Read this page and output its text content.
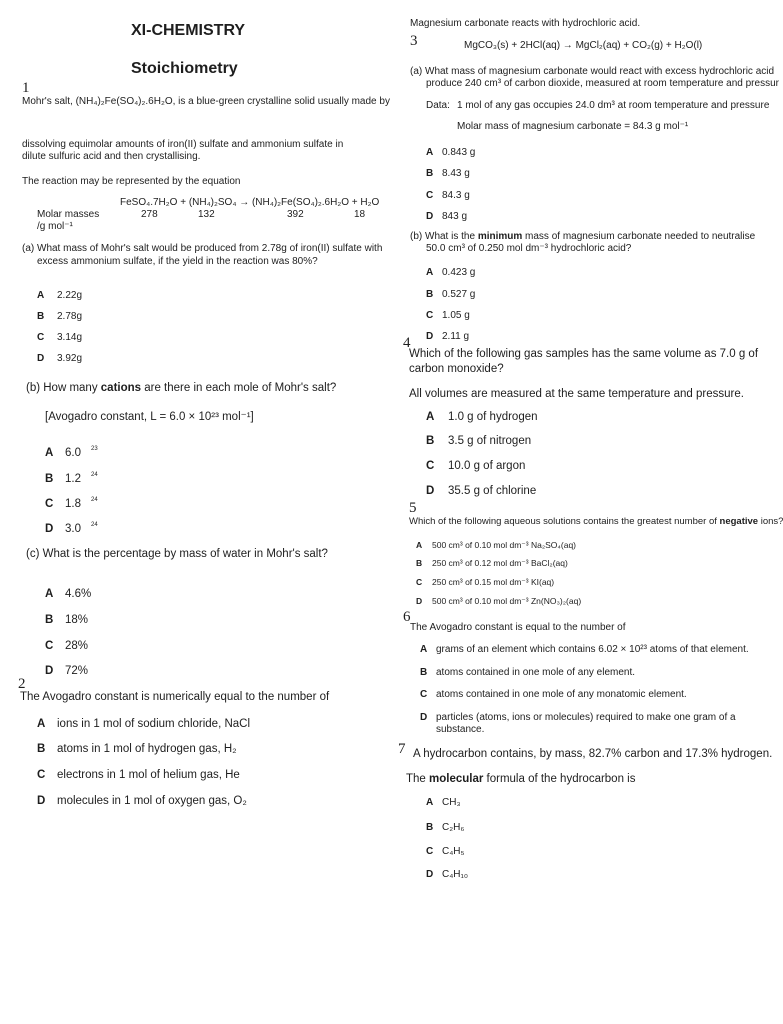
XI-CHEMISTRY
Stoichiometry
1
Mohr's salt, (NH₄)₂Fe(SO₄)₂.6H₂O, is a blue-green crystalline solid usually made by
dissolving equimolar amounts of iron(II) sulfate and ammonium sulfate in
dilute sulfuric acid and then crystallising.
The reaction may be represented by the equation
FeSO₄.7H₂O + (NH₄)₂SO₄ → (NH₄)₂Fe(SO₄)₂.6H₂O + H₂O
Molar masses
/g mol⁻¹
278	132	392	18
(a) What mass of Mohr's salt would be produced from 2.78g of iron(II) sulfate with
excess ammonium sulfate, if the yield in the reaction was 80%?
A 2.22g
B 2.78g
C 3.14g
D 3.92g
(b) How many cations are there in each mole of Mohr's salt?
[Avogadro constant, L = 6.0 × 10²³ mol⁻¹]
A 6.0 $^{23}$
B 1.2 $^{24}$
C 1.8 $^{24}$
D 3.0 $^{24}$
(c) What is the percentage by mass of water in Mohr's salt?
A 4.6%
B 18%
C 28%
D 72%
2
The Avogadro constant is numerically equal to the number of
A ions in 1 mol of sodium chloride, NaCl
B atoms in 1 mol of hydrogen gas, H₂
C electrons in 1 mol of helium gas, He
D molecules in 1 mol of oxygen gas, O₂
Magnesium carbonate reacts with hydrochloric acid.
3	MgCO₃(s) + 2HCl(aq) → MgCl₂(aq) + CO₂(g) + H₂O(l)
(a) What mass of magnesium carbonate would react with excess hydrochloric acid
produce 240 cm³ of carbon dioxide, measured at room temperature and pressur
Data: 1 mol of any gas occupies 24.0 dm³ at room temperature and pressure
Molar mass of magnesium carbonate = 84.3 g mol⁻¹
A 0.843 g
B 8.43 g
C 84.3 g
D 843 g
(b) What is the minimum mass of magnesium carbonate needed to neutralise
50.0 cm³ of 0.250 mol dm⁻³ hydrochloric acid?
A 0.423 g
B 0.527 g
C 1.05 g
D 2.11 g
4
Which of the following gas samples has the same volume as 7.0 g of
carbon monoxide?
All volumes are measured at the same temperature and pressure.
A 1.0 g of hydrogen
B 3.5 g of nitrogen
C 10.0 g of argon
D 35.5 g of chlorine
5
Which of the following aqueous solutions contains the greatest number of negative ions?
A 500 cm³ of 0.10 mol dm⁻³ Na₂SO₄(aq)
B 250 cm³ of 0.12 mol dm⁻³ BaCl₂(aq)
C 250 cm³ of 0.15 mol dm⁻³ KI(aq)
D 500 cm³ of 0.10 mol dm⁻³ Zn(NO₃)₂(aq)
6
The Avogadro constant is equal to the number of
A grams of an element which contains 6.02 × 10²³ atoms of that element.
B atoms contained in one mole of any element.
C atoms contained in one mole of any monatomic element.
D particles (atoms, ions or molecules) required to make one gram of a
substance.
7 A hydrocarbon contains, by mass, 82.7% carbon and 17.3% hydrogen.
The molecular formula of the hydrocarbon is
A CH₃
B C₂H₆
C C₄H₅
D C₄H₁₀
